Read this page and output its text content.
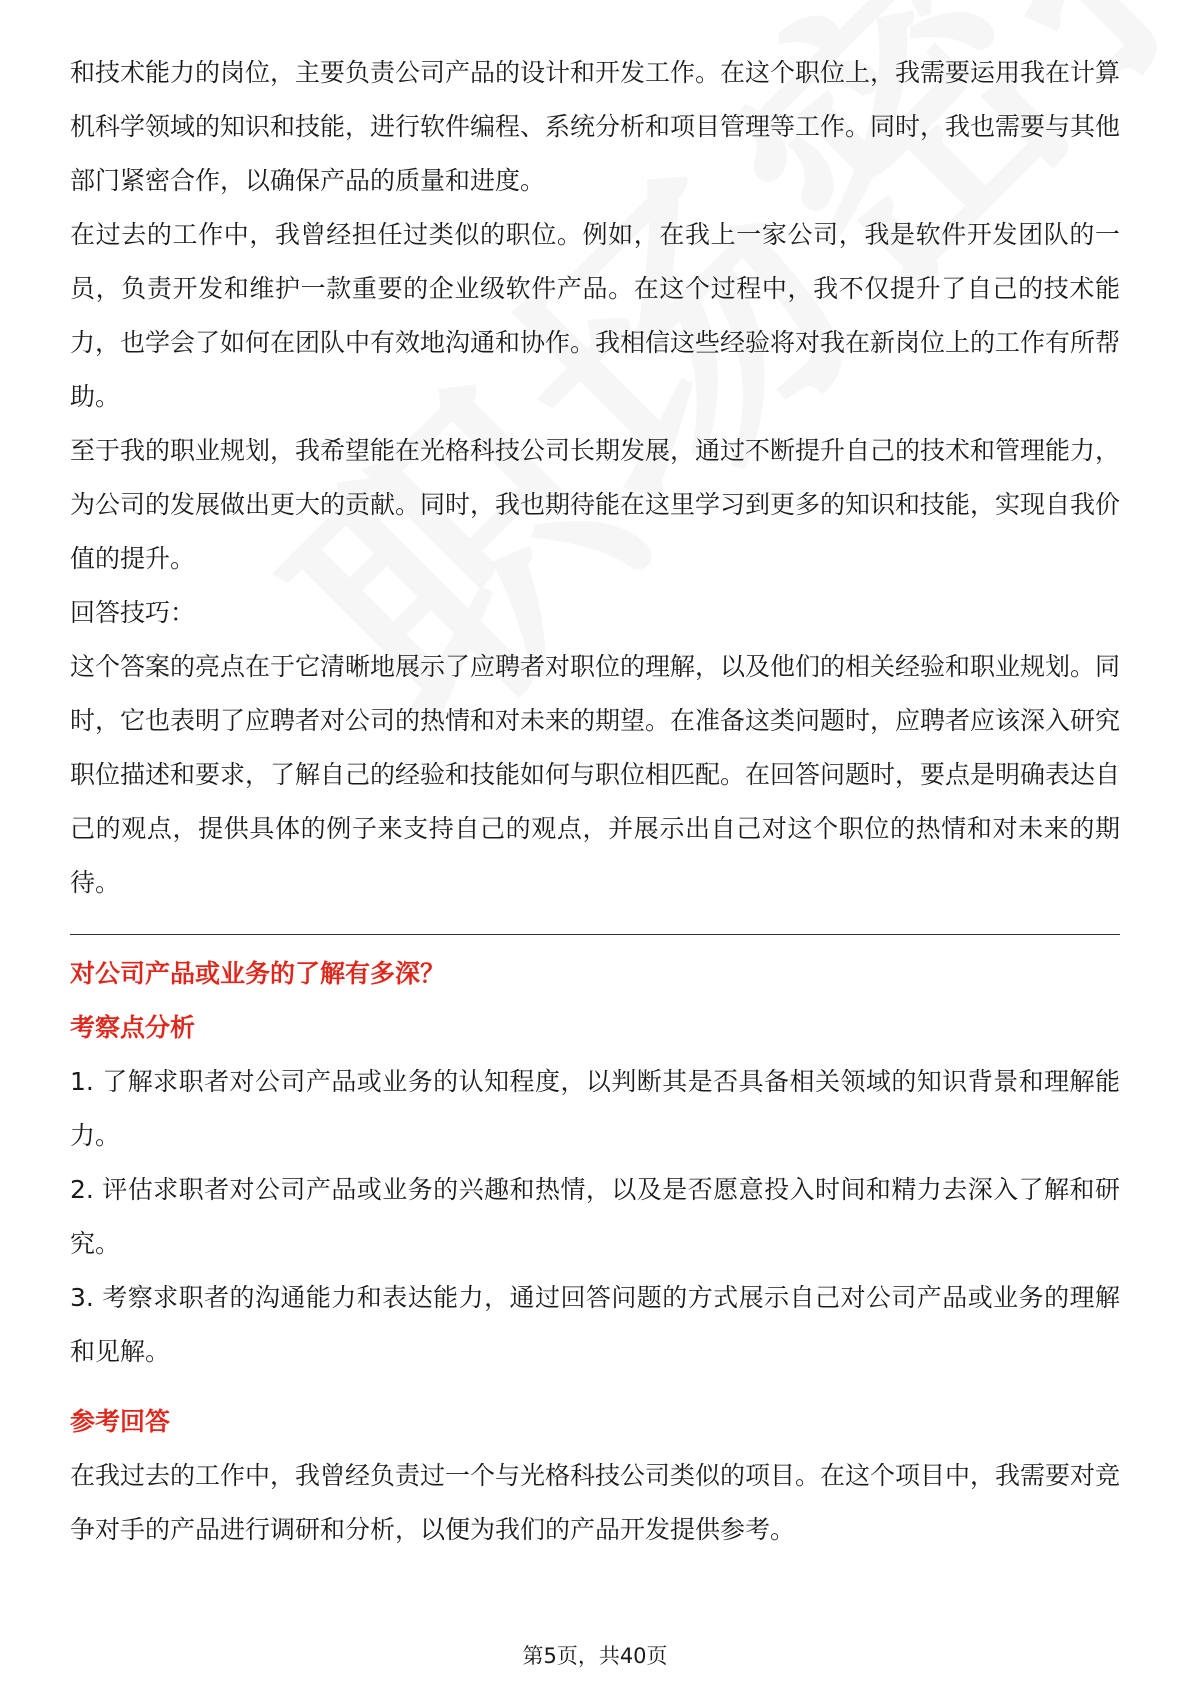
和技术能力的岗位，主要负责公司产品的设计和开发工作。在这个职位上，我需要运用我在计算机科学领域的知识和技能，进行软件编程、系统分析和项目管理等工作。同时，我也需要与其他部门紧密合作，以确保产品的质量和进度。

在过去的工作中，我曾经担任过类似的职位。例如，在我上一家公司，我是软件开发团队的一员，负责开发和维护一款重要的企业级软件产品。在这个过程中，我不仅提升了自己的技术能力，也学会了如何在团队中有效地沟通和协作。我相信这些经验将对我在新岗位上的工作有所帮助。

至于我的职业规划，我希望能在光格科技公司长期发展，通过不断提升自己的技术和管理能力，为公司的发展做出更大的贡献。同时，我也期待能在这里学习到更多的知识和技能，实现自我价值的提升。

回答技巧：

这个答案的亮点在于它清晰地展示了应聘者对职位的理解，以及他们的相关经验和职业规划。同时，它也表明了应聘者对公司的热情和对未来的期望。在准备这类问题时，应聘者应该深入研究职位描述和要求，了解自己的经验和技能如何与职位相匹配。在回答问题时，要点是明确表达自己的观点，提供具体的例子来支持自己的观点，并展示出自己对这个职位的热情和对未来的期待。

对公司产品或业务的了解有多深？

考察点分析

1. 了解求职者对公司产品或业务的认知程度，以判断其是否具备相关领域的知识背景和理解能力。

2. 评估求职者对公司产品或业务的兴趣和热情，以及是否愿意投入时间和精力去深入了解和研究。

3. 考察求职者的沟通能力和表达能力，通过回答问题的方式展示自己对公司产品或业务的理解和见解。

参考回答

在我过去的工作中，我曾经负责过一个与光格科技公司类似的项目。在这个项目中，我需要对竞争对手的产品进行调研和分析，以便为我们的产品开发提供参考。

第5页，共40页
